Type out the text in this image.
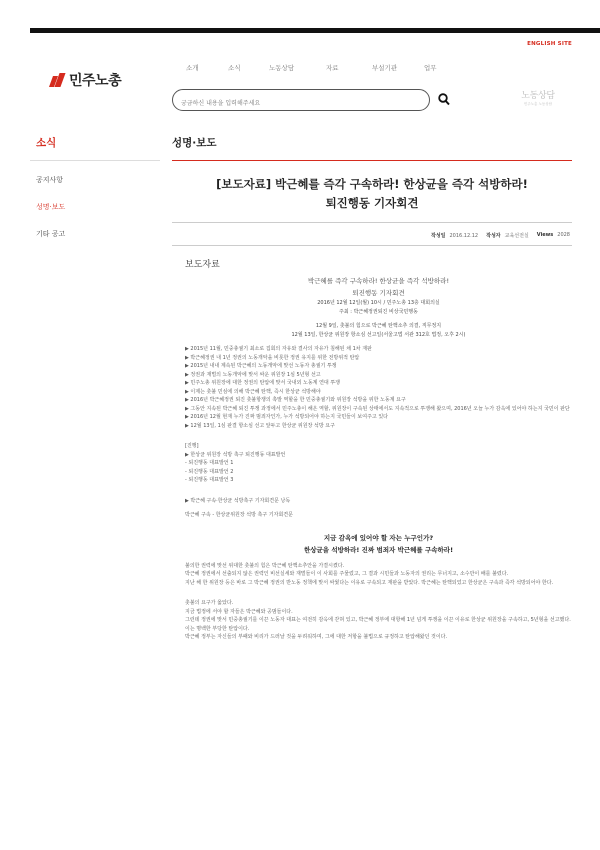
ENGLISH SITE
민주노총
소개	소식	노동상담	자료	부설기관	업무
궁금하신 내용을 입력해주세요
노동상담
민주노총 노동상담
소식
공지사항
성명·보도
기타 공고
성명·보도
[보도자료] 박근혜를 즉각 구속하라! 한상균을 즉각 석방하라!
퇴진행동 기자회견
작성일 2016.12.12 작성자 교육선전실 Views 2028
보도자료
박근혜를 즉각 구속하라! 한상균을 즉각 석방하라!
퇴진행동 기자회견
2016년 12월 12일(월) 10시 / 민주노총 13층 대회의실
주최 : 박근혜정권퇴진 비상국민행동
12월 9일, 촛불의 힘으로 박근혜 탄핵소추 의결, 직무정지
12월 13일, 한상균 위원장 항소심 선고일(서울고법 서관 312호 법정, 오후 2시)
▶ 2015년 11월, 민중총궐기 최소로 집회의 자유와 결사의 자유가 침해된 채 1차 재판
▶ 박근혜정권 내 1년 정권의 노동개악을 비롯한 정권 유지를 위한 전방위적 탄압
▶ 2015년 내내 계속된 박근혜의 노동개악에 맞선 노동자 총궐기 투쟁
▶ 정권과 재벌의 노동개악에 맞서 싸운 위원장 1심 5년형 선고
▶ 민주노총 위원장에 대한 정권의 탄압에 맞서 국내외 노동계 연대 투쟁
▶ 이제는 촛불 민심에 의해 박근혜 탄핵, 즉시 한상균 석방해야
▶ 2016년 박근혜정권 퇴진 촛불항쟁의 촉발 역할을 한 민중총궐기와 위원장 석방을 위한 노동계 요구
▶ 그동안 지속된 박근혜 퇴진 투쟁 과정에서 민주노총이 해온 역할, 위원장이 구속된 상태에서도 지속적으로 투쟁해 왔으며, 2016년 오늘 누가 감옥에 있어야 하는지 국민이 판단
▶ 2016년 12월 현재 누가 진짜 범죄자인가, 누가 석방되어야 하는지 국민들이 보여주고 있다
▶ 12월 13일, 1심 판결 항소심 선고 앞두고 한상균 위원장 석방 요구
[진행]
▶ 한상균 위원장 석방 촉구 퇴진행동 대표발언
- 퇴진행동 대표발언 1
- 퇴진행동 대표발언 2
- 퇴진행동 대표발언 3
▶ 박근혜 구속·한상균 석방촉구 기자회견문 낭독
박근혜 구속 - 한상균위원장 석방 촉구 기자회견문
지금 감옥에 있어야 할 자는 누구인가?
한상균을 석방하라! 진짜 범죄자 박근혜를 구속하라!
불의한 권력에 맞선 위대한 촛불의 힘은 박근혜 탄핵소추안을 가결시켰다.
박근혜 정권에서 선출되지 않은 권력인 비선실세와 재벌들이 이 사회를 주물렀고, 그 결과 시민들과 노동자의 권리는 무너지고, 소수만이 배를 불렸다.
지난 해 한 위원장 등은 바로 그 박근혜 정권의 반노동 정책에 맞서 싸웠다는 이유로 구속되고 재판을 받았다. 박근혜는 탄핵되었고 한상균은 구속과 즉각 석방되어야 한다.
촛불의 요구가 옳았다.
지금 법정에 서야 할 자들은 박근혜와 공범들이다.
그런데 정권에 맞서 민중총궐기를 이끈 노동자 대표는 여전히 감옥에 갇혀 있고, 박근혜 정부에 대항해 1년 넘게 투쟁을 이끈 이유로 한상균 위원장을 구속하고, 5년형을 선고했다. 이는 명백한 부당한 탄압이다.
박근혜 정부는 자신들의 부패와 비리가 드러날 것을 두려워하며, 그에 대한 저항을 불법으로 규정하고 탄압해왔던 것이다.
